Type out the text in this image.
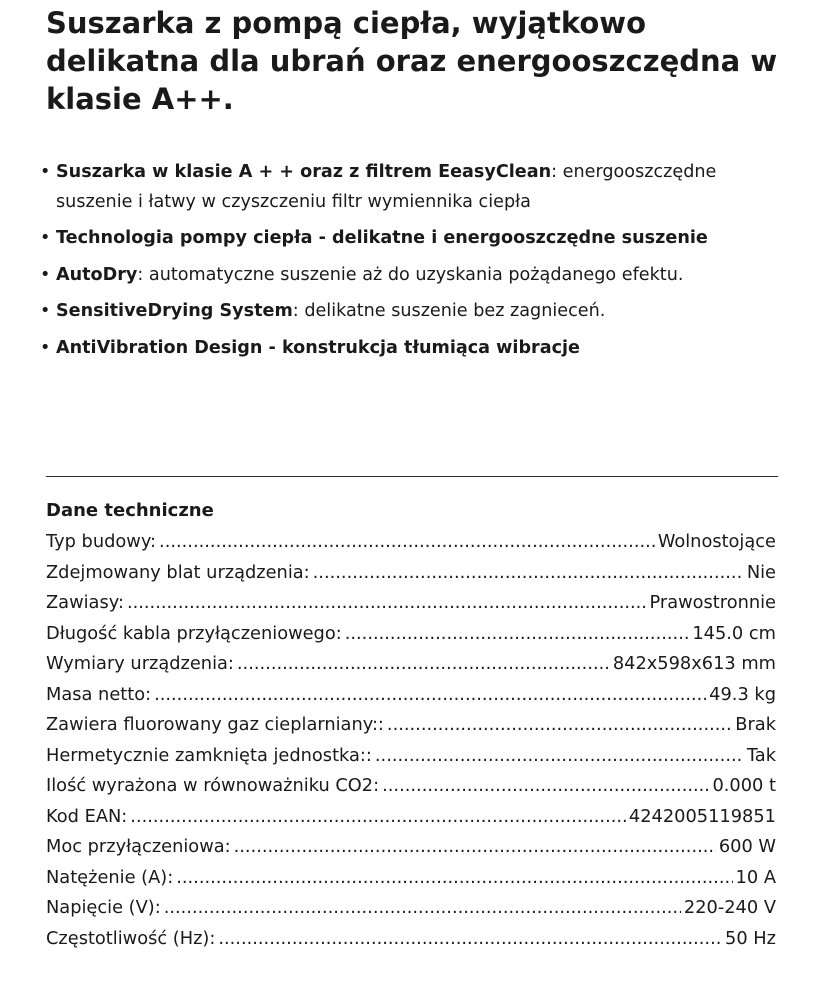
Suszarka z pompą ciepła, wyjątkowo delikatna dla ubrań oraz energooszczędna w klasie A++.
• Suszarka w klasie A + + oraz z filtrem EeasyClean: energooszczędne suszenie i łatwy w czyszczeniu filtr wymiennika ciepła
• Technologia pompy ciepła - delikatne i energooszczędne suszenie
• AutoDry: automatyczne suszenie aż do uzyskania pożądanego efektu.
• SensitiveDrying System: delikatne suszenie bez zagnieceń.
• AntiVibration Design - konstrukcja tłumiąca wibracje
Dane techniczne
Typ budowy: .....	Wolnostojące
Zdejmowany blat urządzenia: .....	Nie
Zawiasy: .....	Prawostronnie
Długość kabla przyłączeniowego: .....	145.0 cm
Wymiary urządzenia: .....	842x598x613 mm
Masa netto: .....	49.3 kg
Zawiera fluorowany gaz cieplarniany:: .....	Brak
Hermetycznie zamknięta jednostka:: .....	Tak
Ilość wyrażona w równoważniku CO2: .....	0.000 t
Kod EAN: .....	4242005119851
Moc przyłączeniowa: .....	600 W
Natężenie (A): .....	10 A
Napięcie (V): .....	220-240 V
Częstotliwość (Hz): .....	50 Hz
